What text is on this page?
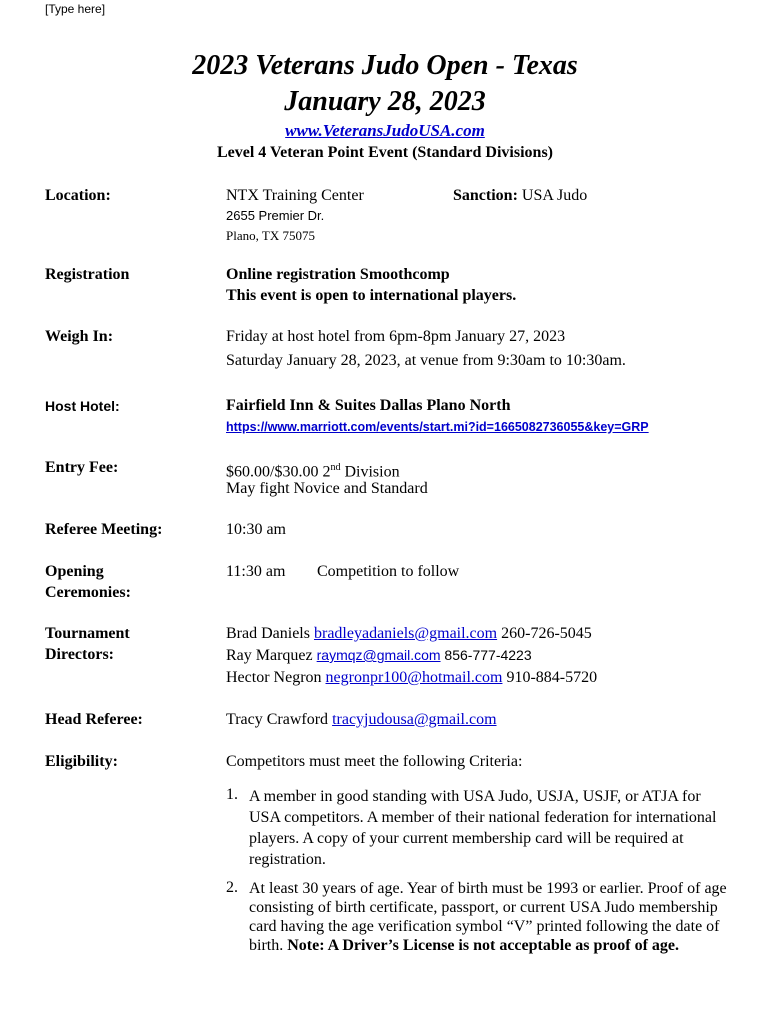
[Type here]
2023 Veterans Judo Open - Texas
January 28, 2023
www.VeteransJudoUSA.com
Level 4 Veteran Point Event (Standard Divisions)
Location:	NTX Training Center	Sanction: USA Judo
2655 Premier Dr.
Plano, TX 75075
Registration	Online registration Smoothcomp
This event is open to international players.
Weigh In:	Friday at host hotel from 6pm-8pm January 27, 2023
Saturday January 28, 2023, at venue from 9:30am to 10:30am.
Host Hotel:	Fairfield Inn & Suites Dallas Plano North
https://www.marriott.com/events/start.mi?id=1665082736055&key=GRP
Entry Fee:	$60.00/$30.00 2nd Division
May fight Novice and Standard
Referee Meeting:	10:30 am
Opening
Ceremonies:
11:30 am Competition to follow
Tournament
Directors:
Brad Daniels bradleyadaniels@gmail.com 260-726-5045
Ray Marquez raymqz@gmail.com 856-777-4223
Hector Negron negronpr100@hotmail.com 910-884-5720
Head Referee:	Tracy Crawford tracyjudousa@gmail.com
Eligibility:	Competitors must meet the following Criteria:
1. A member in good standing with USA Judo, USJA, USJF, or ATJA for USA competitors. A member of their national federation for international players. A copy of your current membership card will be required at registration.
2. At least 30 years of age. Year of birth must be 1993 or earlier. Proof of age consisting of birth certificate, passport, or current USA Judo membership card having the age verification symbol “V” printed following the date of birth. Note: A Driver’s License is not acceptable as proof of age.
